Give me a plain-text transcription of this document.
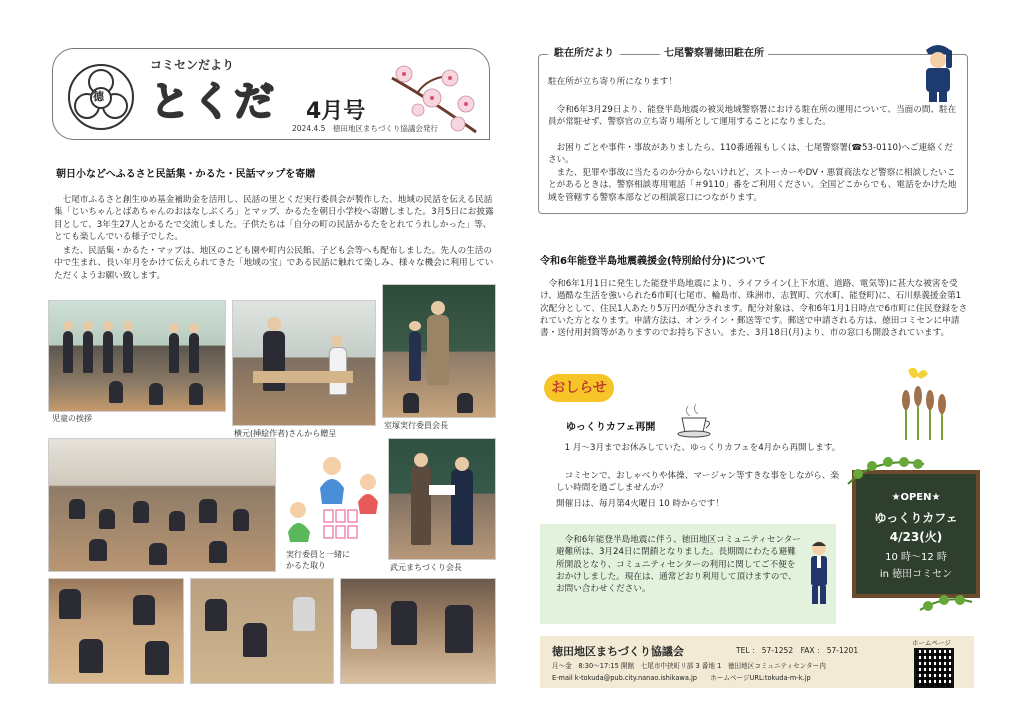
德
コミセンだより
とくだ 4月号
2024.4.5　徳田地区まちづくり協議会発行
朝日小などへふるさと民話集・かるた・民話マップを寄贈
七尾市ふるさと創生ゆめ基金補助金を活用し、民話の里とくだ実行委員会が製作した、地域の民話を伝える民話集「じいちゃんとばあちゃんのおはなしぶくろ」とマップ、かるたを朝日小学校へ寄贈しました。3月5日にお披露目として、3年生27人とかるたで交流しました。子供たちは「自分の町の民話かるたをとれてうれしかった」等、とても楽しんでいる様子でした。
また、民話集・かるた・マップは、地区のこども園や町内公民館、子ども会等へも配布しました。先人の生活の中で生まれ、長い年月をかけて伝えられてきた「地域の宝」である民話に触れて楽しみ、様々な機会に利用していただくようお願い致します。
児童の挨拶
横元(挿絵作者)さんから贈呈
室塚実行委員会長
実行委員と一緒に
かるた取り	武元まちづくり会長
駐在所だより	七尾警察署徳田駐在所
駐在所が立ち寄り所になります！
令和6年3月29日より、能登半島地震の被災地域警察署における駐在所の運用について、当面の間、駐在員が常駐せず、警察官の立ち寄り場所として運用することになりました。
お困りごとや事件・事故がありましたら、110番通報もしくは、七尾警察署(☎53-0110)へご連絡ください。
また、犯罪や事故に当たるのか分からないけれど、ストーカーやDV・悪質商法など警察に相談したいことがあるときは、警察相談専用電話「＃9110」番をご利用ください。全国どこからでも、電話をかけた地域を管轄する警察本部などの相談窓口につながります。
令和6年能登半島地震義援金(特別給付分)について
令和6年1月1日に発生した能登半島地震により、ライフライン(上下水道、道路、電気等)に甚大な被害を受け、過酷な生活を強いられた6市町(七尾市、輪島市、珠洲市、志賀町、穴水町、能登町)に、石川県義援金第1次配分として、住民1人あたり5万円が配分されます。配分対象は、令和6年1月1日時点で6市町に住民登録をされていた方となります。申請方法は、オンライン・郵送等です。郵送で申請される方は、徳田コミセンに申請書・送付用封筒等がありますのでお持ち下さい。また、3月18日(月)より、市の窓口も開設されています。
おしらせ
ゆっくりカフェ再開
1 月～3月までお休みしていた、ゆっくりカフェを4月から再開します。
コミセンで、おしゃべりや体操、マージャン等すきな事をしながら、楽しい時間を過ごしませんか？
開催日は、毎月第4火曜日 10 時からです！
★OPEN★
ゆっくりカフェ
4/23(火)
10 時～12 時
in 徳田コミセン
令和6年能登半島地震に伴う、徳田地区コミュニティセンター避難所は、3月24日に閉鎖となりました。長期間にわたる避難所開設となり、コミュニティセンターの利用に関してご不便をおかけしました。現在は、通常どおり利用して頂けますので、お問い合わせください。
徳田地区まちづくり協議会	TEL ： 57-1252　FAX ： 57-1201
月～金　8:30～17:15 開館　七尾市中挟町リ部 3 番地 1　徳田地区コミュニティセンター内
E-mail k-tokuda@pub.city.nanao.ishikawa.jp　　ホームページURL:tokuda-m-k.jp
ホームページ
